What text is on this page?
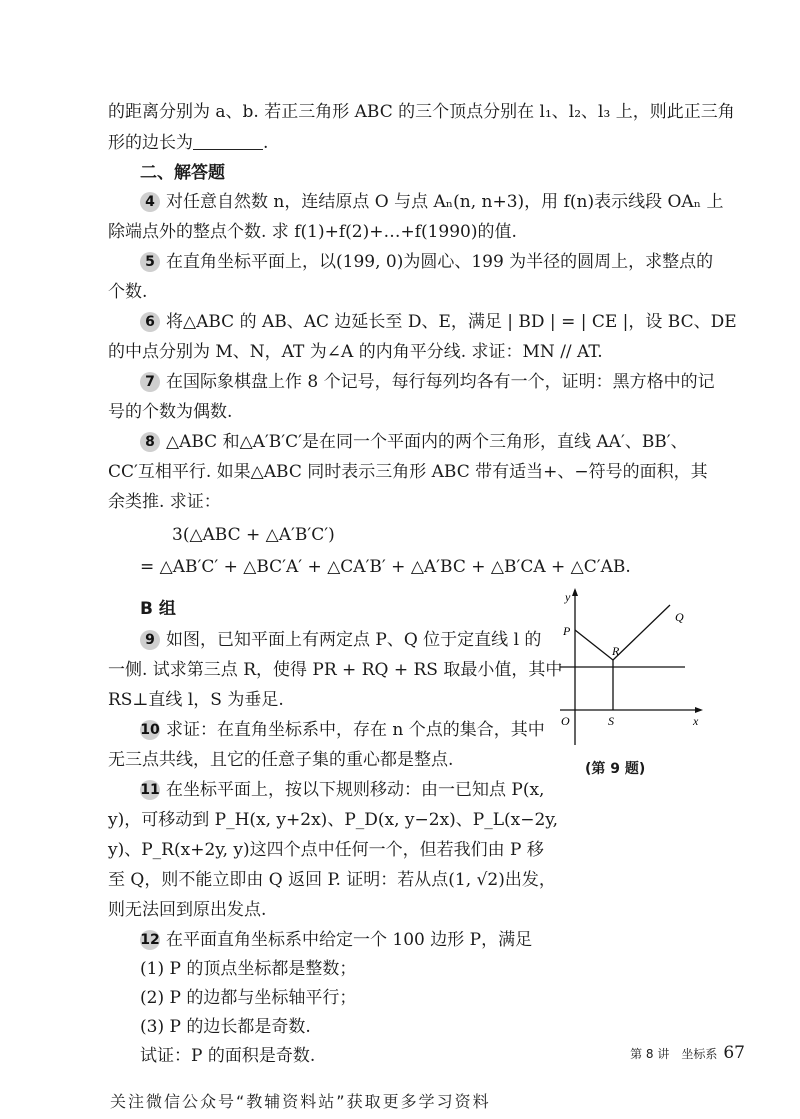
的距离分别为 a、b. 若正三角形 ABC 的三个顶点分别在 l₁、l₂、l₃ 上，则此正三角
形的边长为	.
二、解答题
4 对任意自然数 n，连结原点 O 与点 Aₙ(n, n+3)，用 f(n)表示线段 OAₙ 上
除端点外的整点个数. 求 f(1)+f(2)+…+f(1990)的值.
5 在直角坐标平面上，以(199, 0)为圆心、199 为半径的圆周上，求整点的
个数.
6 将△ABC 的 AB、AC 边延长至 D、E，满足 | BD | = | CE |，设 BC、DE
的中点分别为 M、N，AT 为∠A 的内角平分线. 求证：MN // AT.
7 在国际象棋盘上作 8 个记号，每行每列均各有一个，证明：黑方格中的记
号的个数为偶数.
8 △ABC 和△A′B′C′是在同一个平面内的两个三角形，直线 AA′、BB′、
CC′互相平行. 如果△ABC 同时表示三角形 ABC 带有适当+、−符号的面积，其
余类推. 求证：
3(△ABC + △A′B′C′)
= △AB′C′ + △BC′A′ + △CA′B′ + △A′BC + △B′CA + △C′AB.
B 组
9 如图，已知平面上有两定点 P、Q 位于定直线 l 的
一侧. 试求第三点 R，使得 PR + RQ + RS 取最小值，其中
RS⊥直线 l，S 为垂足.
10 求证：在直角坐标系中，存在 n 个点的集合，其中
无三点共线，且它的任意子集的重心都是整点.
11 在坐标平面上，按以下规则移动：由一已知点 P(x,
y)，可移动到 P_H(x, y+2x)、P_D(x, y−2x)、P_L(x−2y,
y)、P_R(x+2y, y)这四个点中任何一个，但若我们由 P 移
至 Q，则不能立即由 Q 返回 P. 证明：若从点(1, √2)出发，
则无法回到原出发点.
12 在平面直角坐标系中给定一个 100 边形 P，满足
(1) P 的顶点坐标都是整数；
(2) P 的边都与坐标轴平行；
(3) P 的边长都是奇数.
试证：P 的面积是奇数.
y
x
O
P
Q
R
S
(第 9 题)
第 8 讲　坐标系 67
关注微信公众号“教辅资料站”获取更多学习资料
